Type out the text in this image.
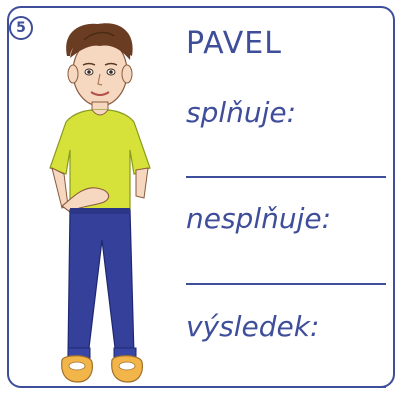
5	PAVEL
splňuje:
nesplňuje:
výsledek:
